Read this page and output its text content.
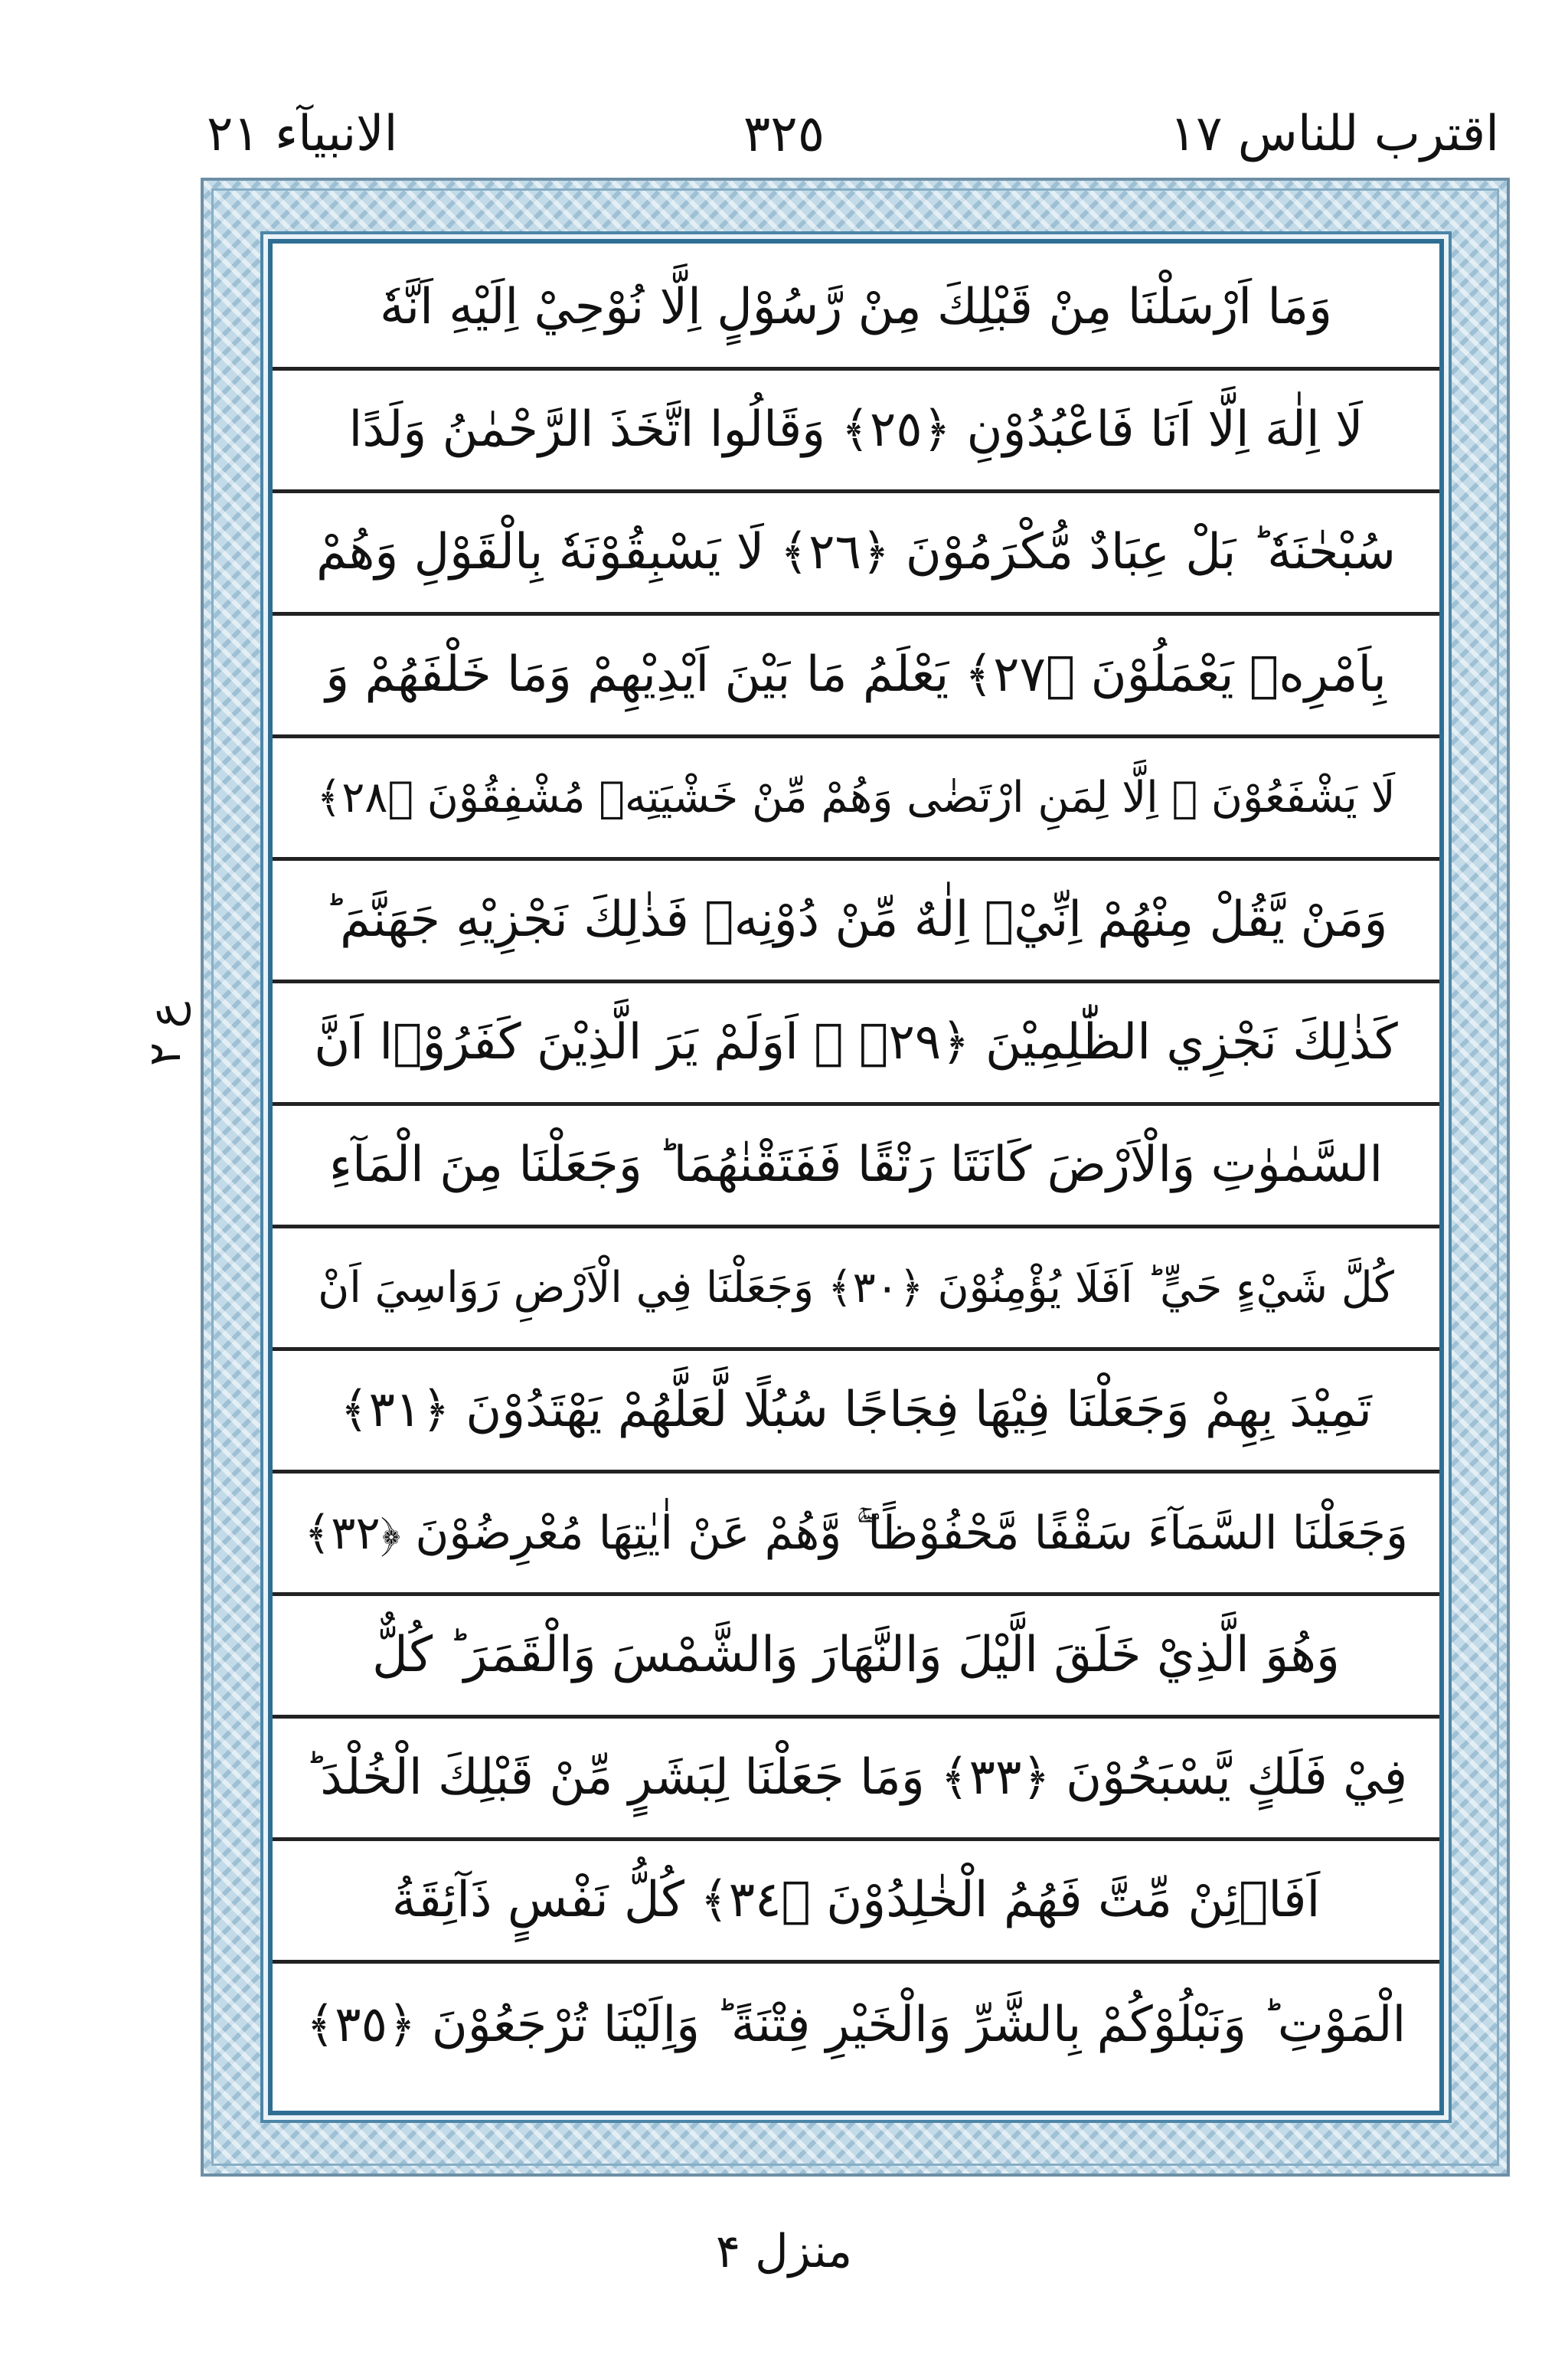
اقترب للناس ١٧
٣٢٥
الانبيآء ٢١
ع ٢
وَمَا اَرْسَلْنَا مِنْ قَبْلِكَ مِنْ رَّسُوْلٍ اِلَّا نُوْحِيْ اِلَيْهِ اَنَّهٗ
لَا اِلٰهَ اِلَّا اَنَا فَاعْبُدُوْنِ ﴿٢٥﴾ وَقَالُوا اتَّخَذَ الرَّحْمٰنُ وَلَدًا
سُبْحٰنَهٗ ؕ بَلْ عِبَادٌ مُّكْرَمُوْنَ ﴿٢٦﴾ لَا يَسْبِقُوْنَهٗ بِالْقَوْلِ وَهُمْ
بِاَمْرِهٖ يَعْمَلُوْنَ ﴿٢٧﴾ يَعْلَمُ مَا بَيْنَ اَيْدِيْهِمْ وَمَا خَلْفَهُمْ وَ
لَا يَشْفَعُوْنَ ۙ اِلَّا لِمَنِ ارْتَضٰى وَهُمْ مِّنْ خَشْيَتِهٖ مُشْفِقُوْنَ ﴿٢٨﴾
وَمَنْ يَّقُلْ مِنْهُمْ اِنِّيْۤ اِلٰهٌ مِّنْ دُوْنِهٖ فَذٰلِكَ نَجْزِيْهِ جَهَنَّمَ ؕ
كَذٰلِكَ نَجْزِي الظّٰلِمِيْنَ ﴿٢٩﴾ ۧ اَوَلَمْ يَرَ الَّذِيْنَ كَفَرُوْۤا اَنَّ
السَّمٰوٰتِ وَالْاَرْضَ كَانَتَا رَتْقًا فَفَتَقْنٰهُمَا ؕ وَجَعَلْنَا مِنَ الْمَآءِ
كُلَّ شَيْءٍ حَيٍّ ؕ اَفَلَا يُؤْمِنُوْنَ ﴿٣٠﴾ وَجَعَلْنَا فِي الْاَرْضِ رَوَاسِيَ اَنْ
تَمِيْدَ بِهِمْ وَجَعَلْنَا فِيْهَا فِجَاجًا سُبُلًا لَّعَلَّهُمْ يَهْتَدُوْنَ ﴿٣١﴾
وَجَعَلْنَا السَّمَآءَ سَقْفًا مَّحْفُوْظًا ۚۖ وَّهُمْ عَنْ اٰيٰتِهَا مُعْرِضُوْنَ ﴿٣٢﴾
وَهُوَ الَّذِيْ خَلَقَ الَّيْلَ وَالنَّهَارَ وَالشَّمْسَ وَالْقَمَرَ ؕ كُلٌّ
فِيْ فَلَكٍ يَّسْبَحُوْنَ ﴿٣٣﴾ وَمَا جَعَلْنَا لِبَشَرٍ مِّنْ قَبْلِكَ الْخُلْدَ ؕ
اَفَا۟ئِنْ مِّتَّ فَهُمُ الْخٰلِدُوْنَ ﴿٣٤﴾ كُلُّ نَفْسٍ ذَآئِقَةُ
الْمَوْتِ ؕ وَنَبْلُوْكُمْ بِالشَّرِّ وَالْخَيْرِ فِتْنَةً ؕ وَاِلَيْنَا تُرْجَعُوْنَ ﴿٣٥﴾
منزل ۴
